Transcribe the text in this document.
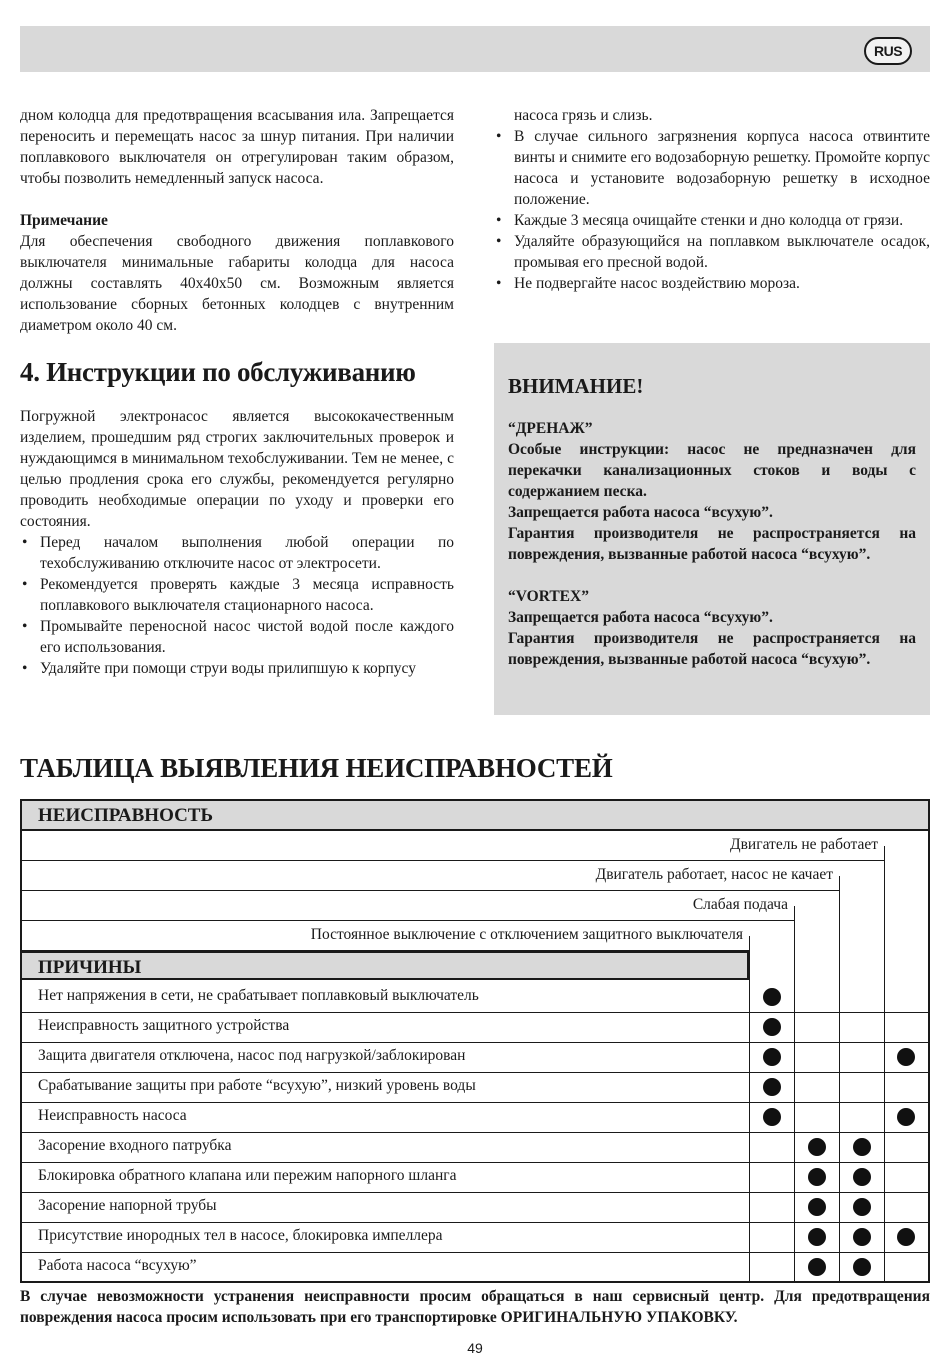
RUS

дном колодца для предотвращения всасывания ила. Запрещается переносить и перемещать насос за шнур питания. При наличии поплавкового выключателя он отрегулирован таким образом, чтобы позволить немедленный запуск насоса.

Примечание

Для обеспечения свободного движения поплавкового выключателя минимальные габариты колодца для насоса должны составлять 40x40x50 см. Возможным является использование сборных бетонных колодцев с внутренним диаметром около 40 см.

4. Инструкции по обслуживанию

Погружной электронасос является высококачественным изделием, прошедшим ряд строгих заключительных проверок и нуждающимся в минимальном техобслуживании. Тем не менее, с целью продления срока его службы, рекомендуется регулярно проводить необходимые операции по уходу и проверки его состояния.

• Перед началом выполнения любой операции по техобслуживанию отключите насос от электросети.
• Рекомендуется проверять каждые 3 месяца исправность поплавкового выключателя стационарного насоса.
• Промывайте переносной насос чистой водой после каждого его использования.
• Удаляйте при помощи струи воды прилипшую к корпусу

насоса грязь и слизь.

• В случае сильного загрязнения корпуса насоса отвинтите винты и снимите его водозаборную решетку. Промойте корпус насоса и установите водозаборную решетку в исходное положение.
• Каждые 3 месяца очищайте стенки и дно колодца от грязи.
• Удаляйте образующийся на поплавком выключателе осадок, промывая его пресной водой.
• Не подвергайте насос воздействию мороза.
ВНИМАНИЕ!

“ДРЕНАЖ”

Особые инструкции: насос не предназначен для перекачки канализационных стоков и воды с содержанием песка.

Запрещается работа насоса “всухую”.

Гарантия производителя не распространяется на повреждения, вызванные работой насоса “всухую”.

“VORTEX”

Запрещается работа насоса “всухую”.

Гарантия производителя не распространяется на повреждения, вызванные работой насоса “всухую”.

ТАБЛИЦА ВЫЯВЛЕНИЯ НЕИСПРАВНОСТЕЙ
НЕИСПРАВНОСТЬ
ПРИЧИНЫ
Двигатель не работает
Двигатель работает, насос не качает
Слабая подача
Постоянное выключение с отключением защитного выключателя
Нет напряжения в сети, не срабатывает поплавковый выключатель
Неисправность защитного устройства
Защита двигателя отключена, насос под нагрузкой/заблокирован
Срабатывание защиты при работе “всухую”, низкий уровень воды
Неисправность насоса
Засорение входного патрубка
Блокировка обратного клапана или пережим напорного шланга
Засорение напорной трубы
Присутствие инородных тел в насосе, блокировка импеллера
Работа насоса “всухую”
В случае невозможности устранения неисправности просим обращаться в наш сервисный центр. Для предотвращения повреждения насоса просим использовать при его транспортировке ОРИГИНАЛЬНУЮ УПАКОВКУ.
49
